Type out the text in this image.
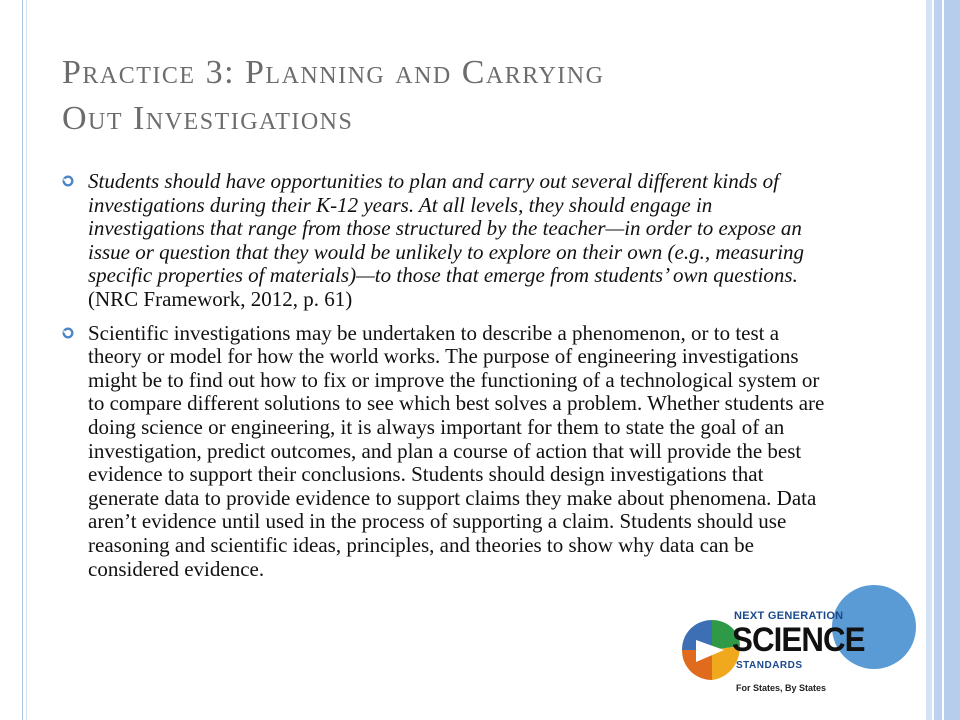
Practice 3: Planning and Carrying
Out Investigations

Students should have opportunities to plan and carry out several different kinds of investigations during their K-12 years. At all levels, they should engage in investigations that range from those structured by the teacher—in order to expose an issue or question that they would be unlikely to explore on their own (e.g., measuring specific properties of materials)—to those that emerge from students’ own questions. (NRC Framework, 2012, p. 61)

Scientific investigations may be undertaken to describe a phenomenon, or to test a theory or model for how the world works. The purpose of engineering investigations might be to find out how to fix or improve the functioning of a technological system or to compare different solutions to see which best solves a problem. Whether students are doing science or engineering, it is always important for them to state the goal of an investigation, predict outcomes, and plan a course of action that will provide the best evidence to support their conclusions. Students should design investigations that generate data to provide evidence to support claims they make about phenomena. Data aren’t evidence until used in the process of supporting a claim. Students should use reasoning and scientific ideas, principles, and theories to show why data can be considered evidence.

NEXT GENERATION
SCIENCE
STANDARDS
For States, By States
